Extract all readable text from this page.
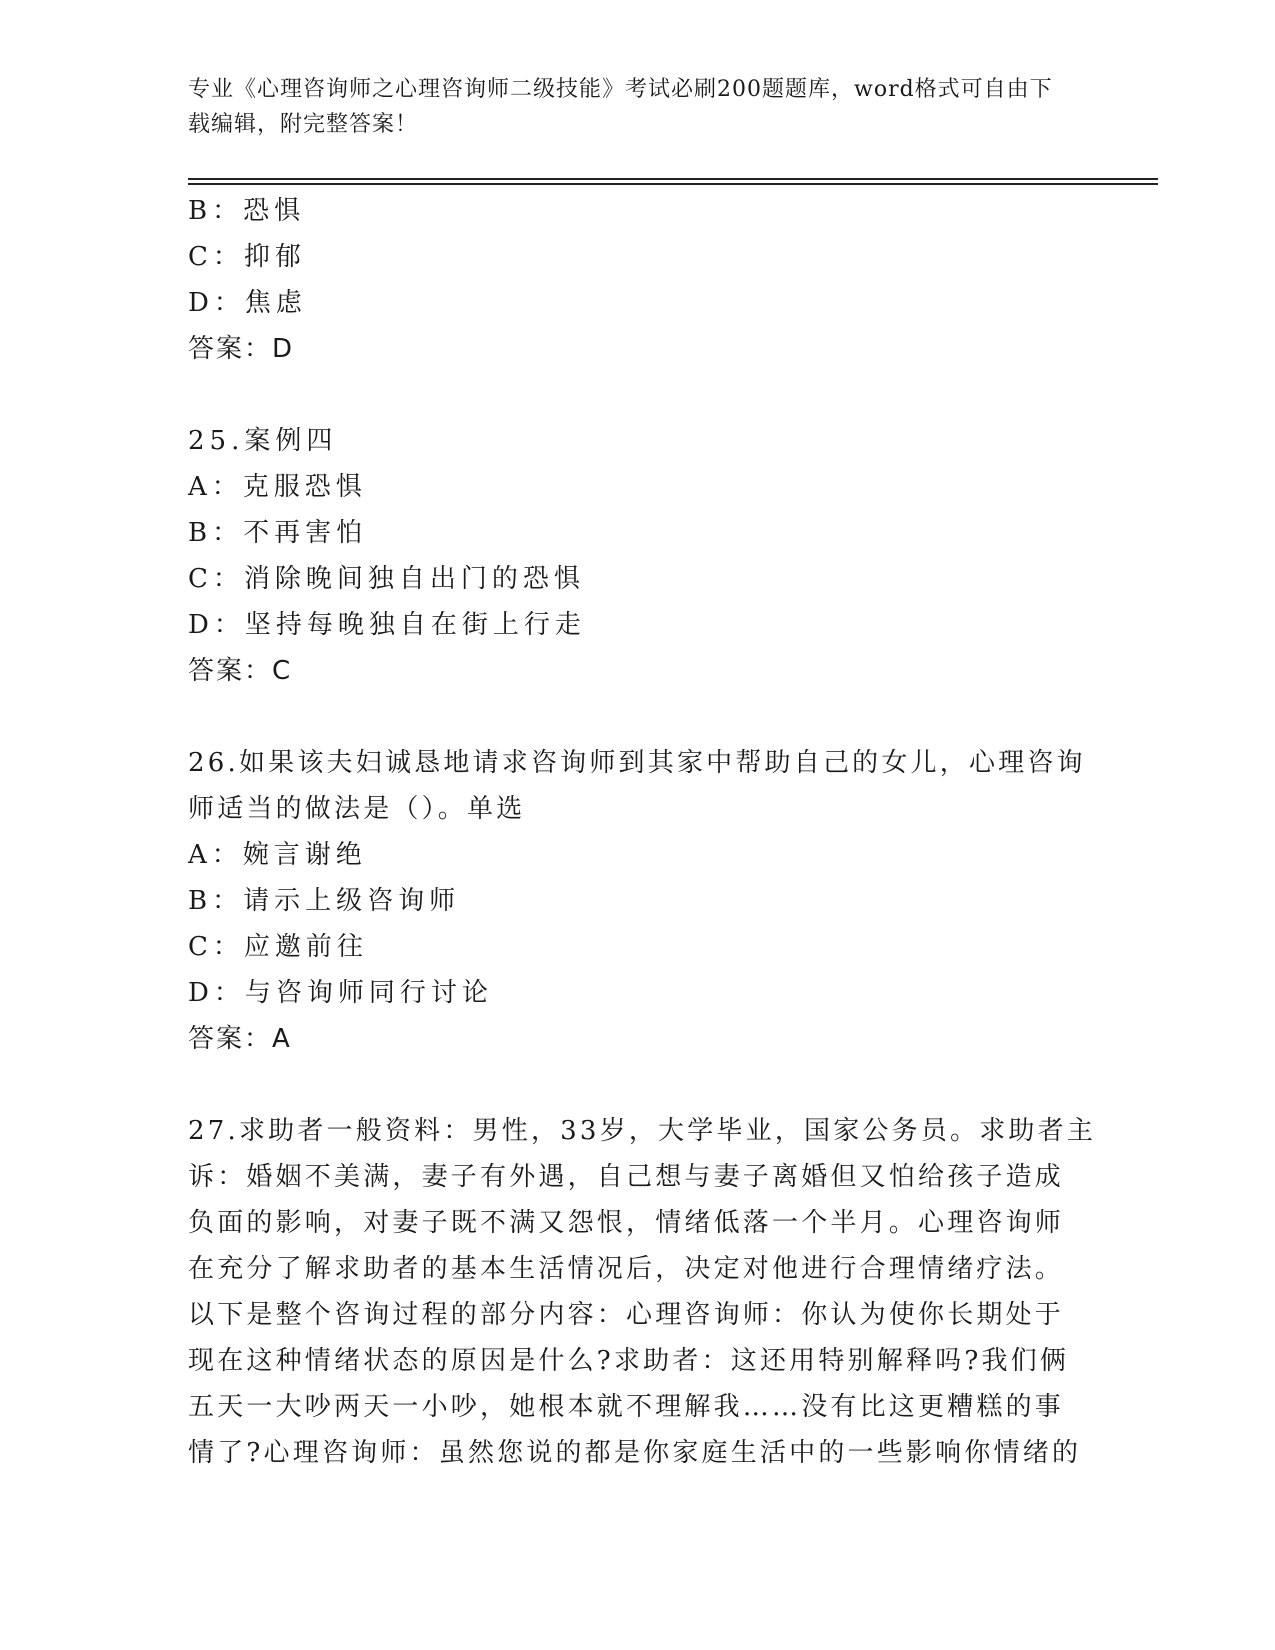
专业《心理咨询师之心理咨询师二级技能》考试必刷200题题库，word格式可自由下载编辑，附完整答案！
B：恐惧
C：抑郁
D：焦虑
答案：D
25.案例四
A：克服恐惧
B：不再害怕
C：消除晚间独自出门的恐惧
D：坚持每晚独自在街上行走
答案：C
26.如果该夫妇诚恳地请求咨询师到其家中帮助自己的女儿，心理咨询
师适当的做法是（）。单选
A：婉言谢绝
B：请示上级咨询师
C：应邀前往
D：与咨询师同行讨论
答案：A
27.求助者一般资料：男性，33岁，大学毕业，国家公务员。求助者主
诉：婚姻不美满，妻子有外遇，自己想与妻子离婚但又怕给孩子造成
负面的影响，对妻子既不满又怨恨，情绪低落一个半月。心理咨询师
在充分了解求助者的基本生活情况后，决定对他进行合理情绪疗法。
以下是整个咨询过程的部分内容：心理咨询师：你认为使你长期处于
现在这种情绪状态的原因是什么?求助者：这还用特别解释吗?我们俩
五天一大吵两天一小吵，她根本就不理解我……没有比这更糟糕的事
情了?心理咨询师：虽然您说的都是你家庭生活中的一些影响你情绪的
